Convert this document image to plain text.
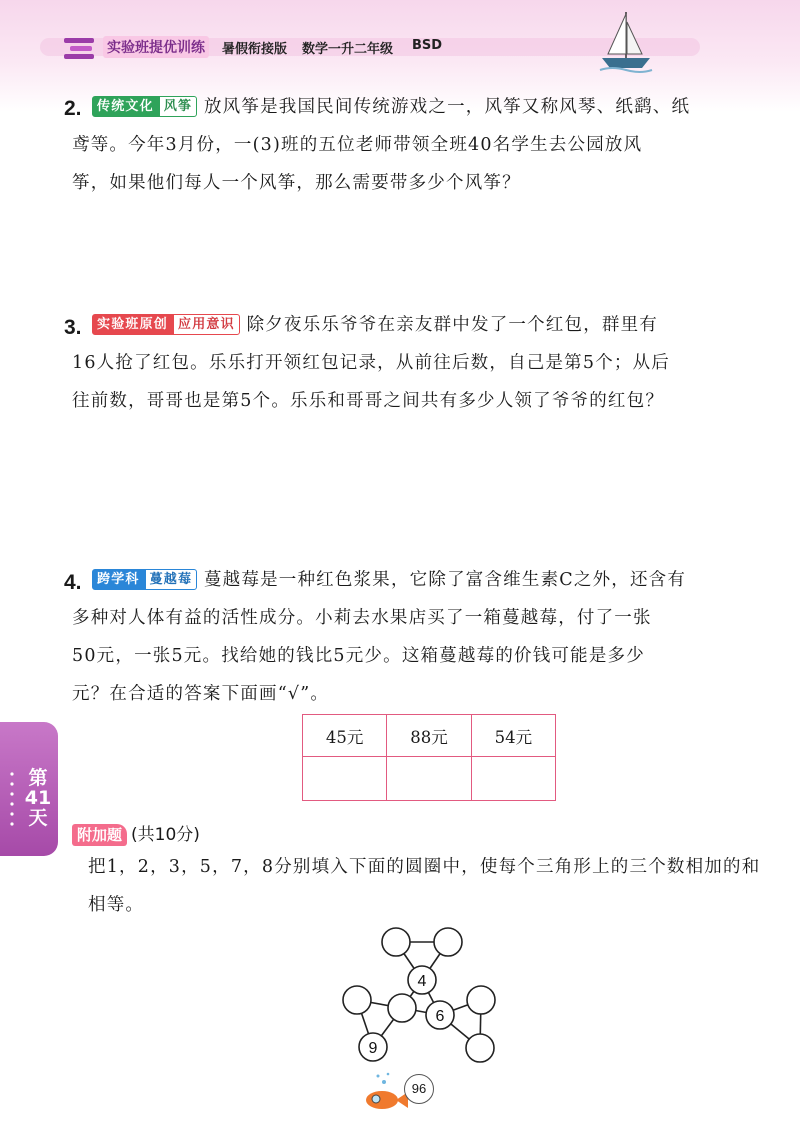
实验班提优训练	暑假衔接版 数学一升二年级 BSD
2.	传统文化 风筝 放风筝是我国民间传统游戏之一，风筝又称风琴、纸鹞、纸
鸢等。今年3月份，一(3)班的五位老师带领全班40名学生去公园放风
筝，如果他们每人一个风筝，那么需要带多少个风筝？
3.	实验班原创 应用意识 除夕夜乐乐爷爷在亲友群中发了一个红包，群里有
16人抢了红包。乐乐打开领红包记录，从前往后数，自己是第5个；从后
往前数，哥哥也是第5个。乐乐和哥哥之间共有多少人领了爷爷的红包？
4.	跨学科 蔓越莓 蔓越莓是一种红色浆果，它除了富含维生素C之外，还含有
多种对人体有益的活性成分。小莉去水果店买了一箱蔓越莓，付了一张
50元，一张5元。找给她的钱比5元少。这箱蔓越莓的价钱可能是多少
元？在合适的答案下面画“√”。
45元	88元	54元

第
41
天
附加题 (共10分)
把1，2，3，5，7，8分别填入下面的圆圈中，使每个三角形上的三个数相加的和
相等。
4
6
9
96
